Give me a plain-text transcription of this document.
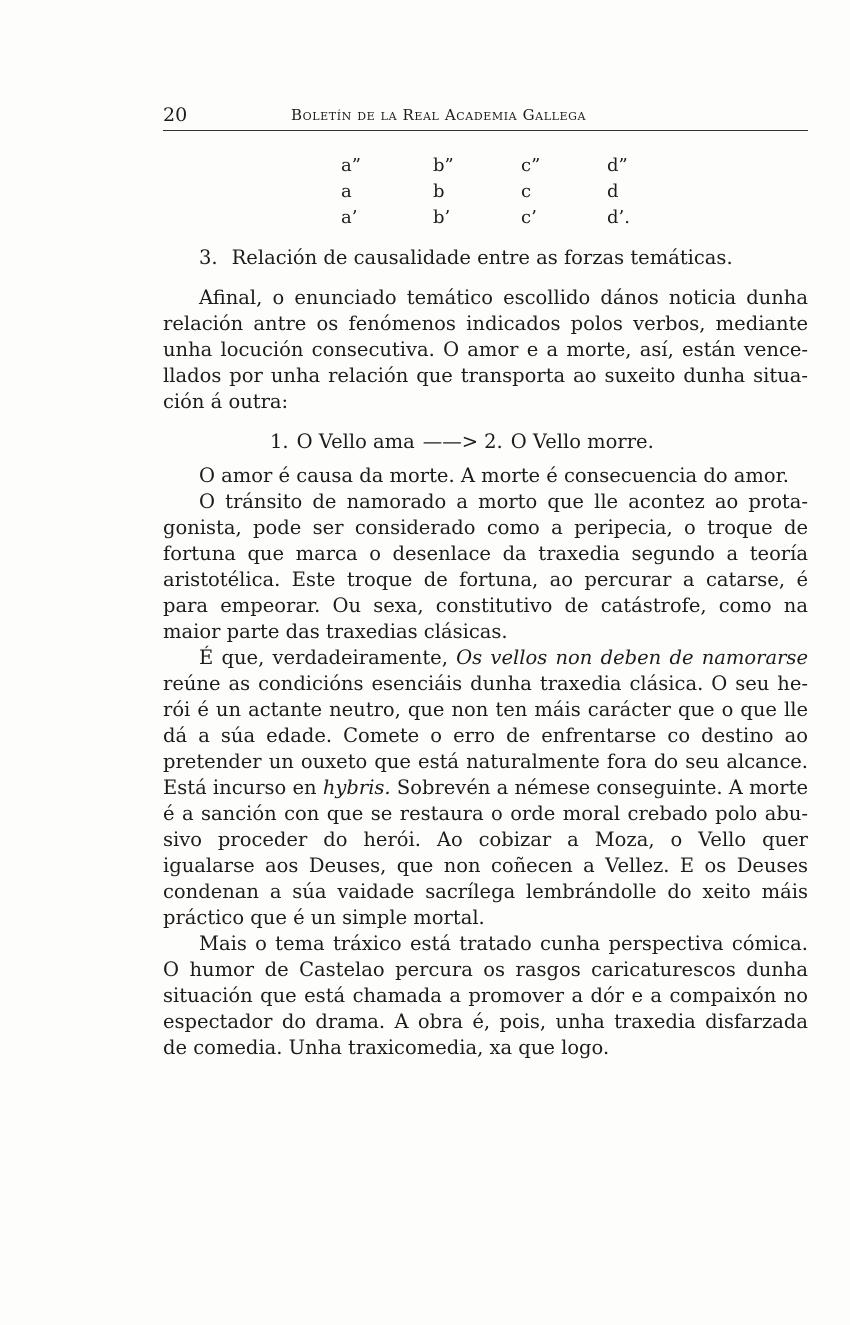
20	Boletín de la Real Academia Gallega
a”	b”	c”	d”
a	b	c	d
a’	b’	c’	d’.
3. Relación de causalidade entre as forzas temáticas.

Afinal, o enunciado temático escollido dános noticia dunha relación antre os fenómenos indicados polos verbos, mediante unha locución consecutiva. O amor e a morte, así, están vencellados por unha relación que transporta ao suxeito dunha situación á outra:

1. O Vello ama ——> 2. O Vello morre.

O amor é causa da morte. A morte é consecuencia do amor.

O tránsito de namorado a morto que lle acontez ao protagonista, pode ser considerado como a peripecia, o troque de fortuna que marca o desenlace da traxedia segundo a teoría aristotélica. Este troque de fortuna, ao percurar a catarse, é para empeorar. Ou sexa, constitutivo de catástrofe, como na maior parte das traxedias clásicas.

É que, verdadeiramente, Os vellos non deben de namorarse reúne as condicións esenciáis dunha traxedia clásica. O seu herói é un actante neutro, que non ten máis carácter que o que lle dá a súa edade. Comete o erro de enfrentarse co destino ao pretender un ouxeto que está naturalmente fora do seu alcance. Está incurso en hybris. Sobrevén a némese conseguinte. A morte é a sanción con que se restaura o orde moral crebado polo abusivo proceder do herói. Ao cobizar a Moza, o Vello quer igualarse aos Deuses, que non coñecen a Vellez. E os Deuses condenan a súa vaidade sacrílega lembrándolle do xeito máis práctico que é un simple mortal.

Mais o tema tráxico está tratado cunha perspectiva cómica. O humor de Castelao percura os rasgos caricaturescos dunha situación que está chamada a promover a dór e a compaixón no espectador do drama. A obra é, pois, unha traxedia disfarzada de comedia. Unha traxicomedia, xa que logo.
